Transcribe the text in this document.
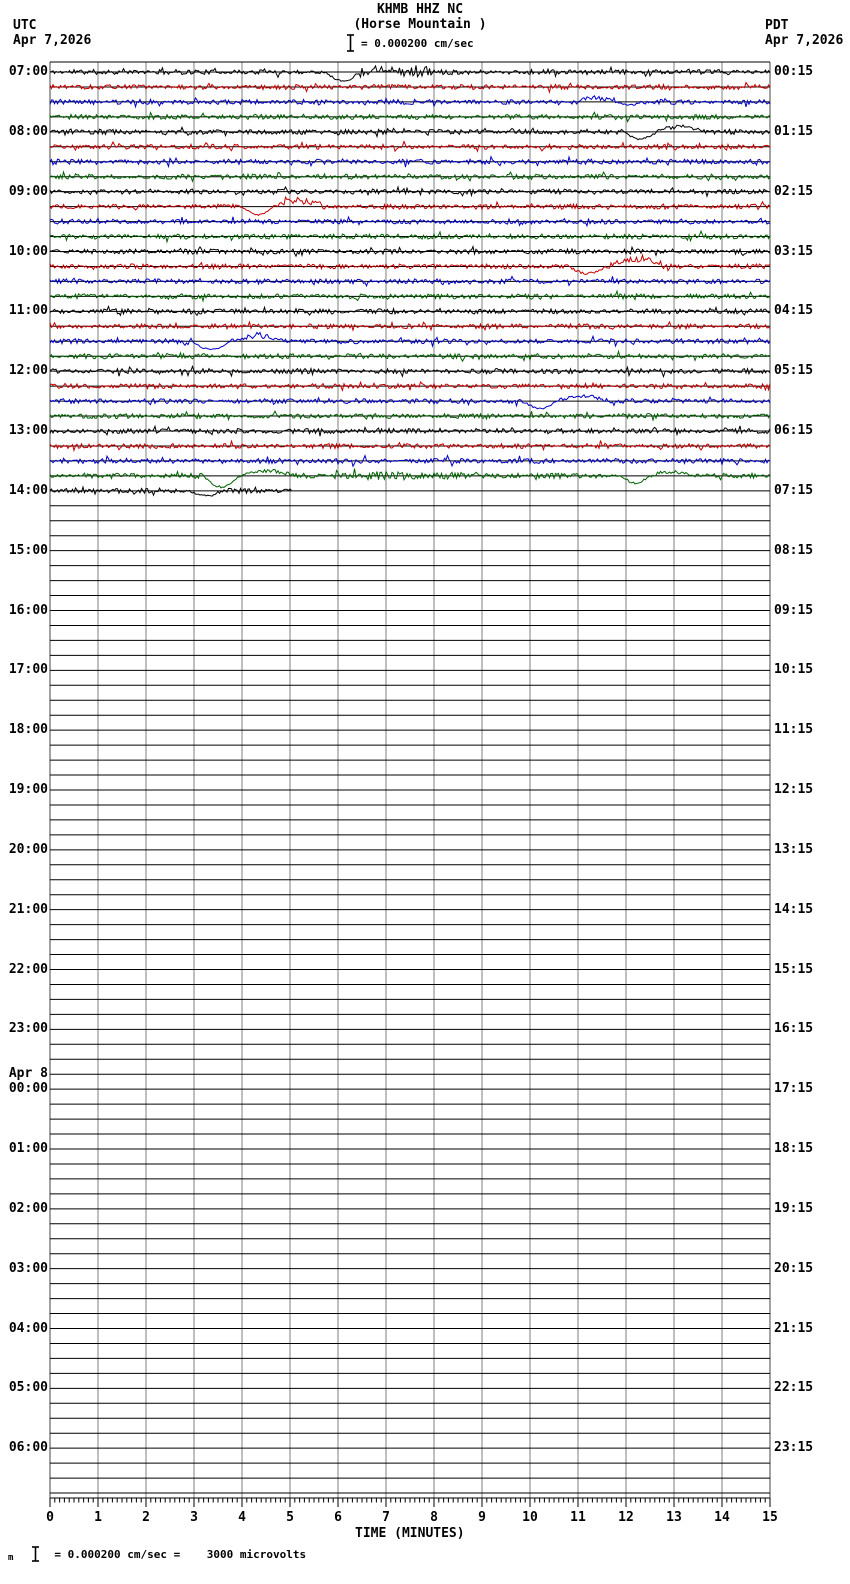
UTC
Apr 7,2026
KHMB HHZ NC
(Horse Mountain )
= 0.000200 cm/sec
PDT
Apr 7,2026
07:00
08:00
09:00
10:00
11:00
12:00
13:00
14:00
15:00
16:00
17:00
18:00
19:00
20:00
21:00
22:00
23:00
00:00
Apr 8
01:00
02:00
03:00
04:00
05:00
06:00
00:15
01:15
02:15
03:15
04:15
05:15
06:15
07:15
08:15
09:15
10:15
11:15
12:15
13:15
14:15
15:15
16:15
17:15
18:15
19:15
20:15
21:15
22:15
23:15
0	1	2	3	4	5	6	7	8	9	10	11	12	13	14	15
TIME (MINUTES)
m	= 0.000200 cm/sec =    3000 microvolts
